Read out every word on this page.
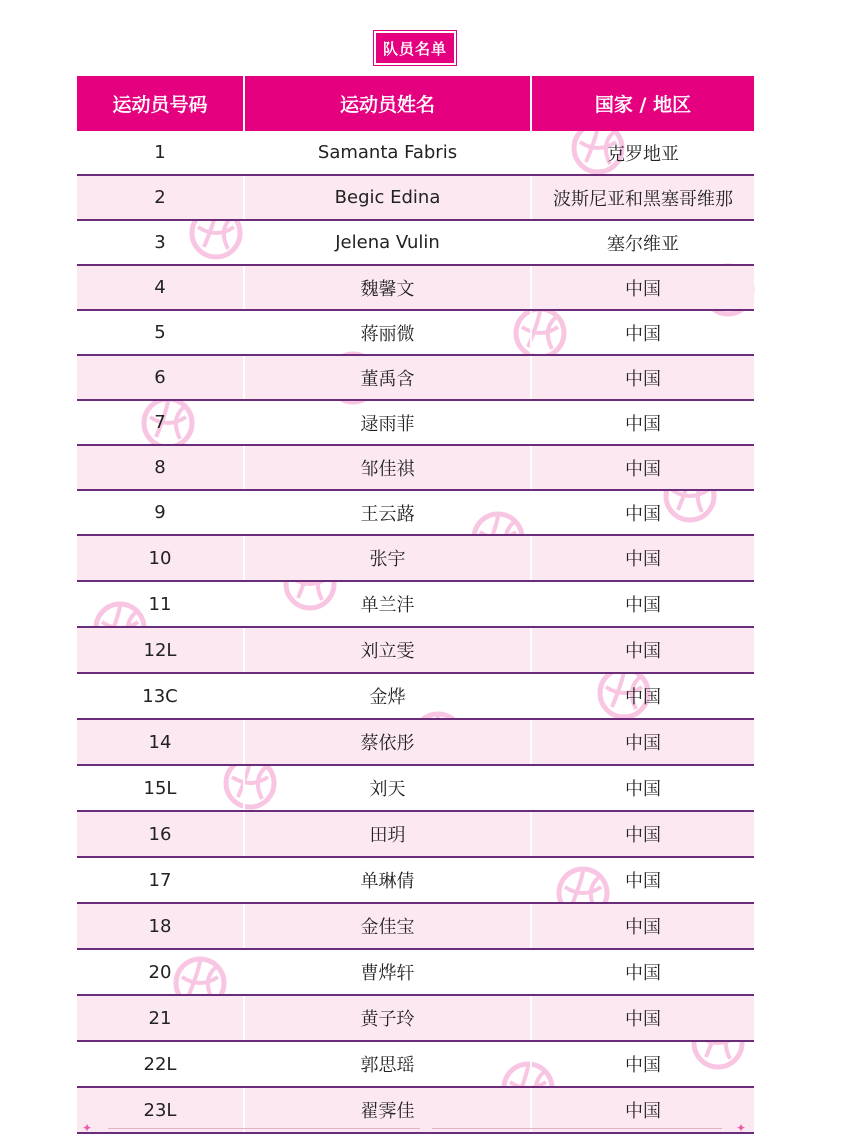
队员名单
运动员号码	运动员姓名	国家 / 地区
1	Samanta Fabris	克罗地亚
2	Begic Edina	波斯尼亚和黑塞哥维那
3	Jelena Vulin	塞尔维亚
4	魏馨文	中国
5	蒋丽微	中国
6	董禹含	中国
7	逯雨菲	中国
8	邹佳祺	中国
9	王云蕗	中国
10	张宇	中国
11	单兰沣	中国
12L	刘立雯	中国
13C	金烨	中国
14	蔡依彤	中国
15L	刘天	中国
16	田玥	中国
17	单琳倩	中国
18	金佳宝	中国
20	曹烨轩	中国
21	黄子玲	中国
22L	郭思瑶	中国
23L	翟霁佳	中国
✦	✦
